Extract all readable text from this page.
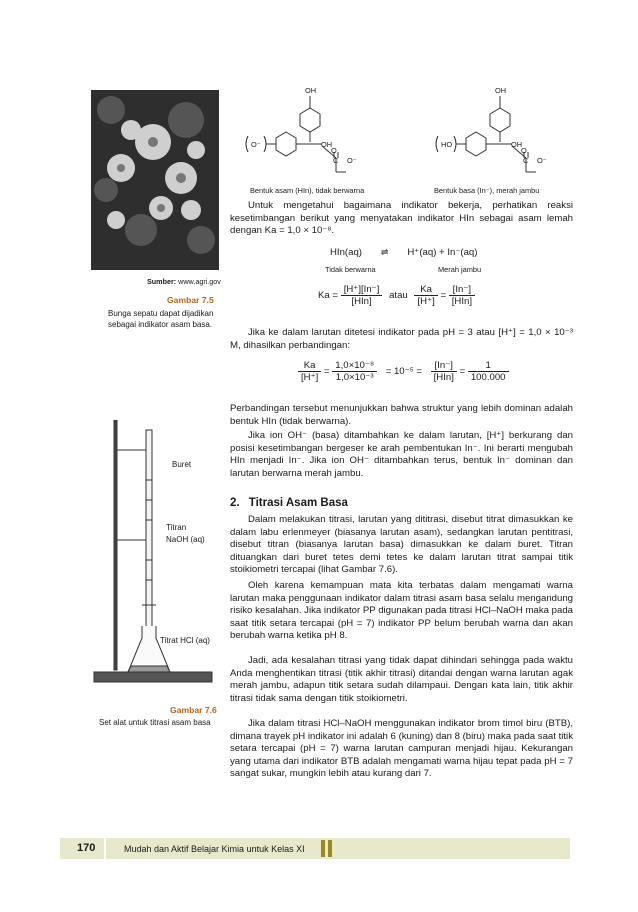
OH
OH
O⁻
O
C O⁻
Bentuk asam (HIn), tidak berwarna
OH
OH
HO
O
C O⁻
Bentuk basa (In⁻), merah jambu
Sumber: www.agri.gov
Gambar 7.5
Bunga sepatu dapat dijadikan
sebagai indikator asam basa.
Buret
Titran
NaOH (aq)
Titrat HCl (aq)
Gambar 7.6
Set alat untuk titrasi asam basa
Untuk mengetahui bagaimana indikator bekerja, perhatikan reaksi kesetimbangan berikut yang menyatakan indikator HIn sebagai asam lemah dengan Ka = 1,0 × 10⁻⁸.
HIn(aq) ⇌ H⁺(aq) + In⁻(aq)
Tidak berwarna	Merah jambu
$Ka = \frac{[H^+][In^-]}{\text{[HIn]}}$ atau $\frac{Ka}{[H^+]} = \frac{[In^-]}{\text{[HIn]}}$
Jika ke dalam larutan ditetesi indikator pada pH = 3 atau [H⁺] = 1,0 × 10⁻³ M, dihasilkan perbandingan:
$\frac{Ka}{[H^+]} = \frac{\text{1,0×10⁻⁸}}{\text{1,0×10⁻³}} = 10^{-5} = \frac{[In^-]}{\text{[HIn]}} = \frac{1}{100.000}$
Perbandingan tersebut menunjukkan bahwa struktur yang lebih dominan adalah bentuk HIn (tidak berwarna).
Jika ion OH⁻ (basa) ditambahkan ke dalam larutan, [H⁺] berkurang dan posisi kesetimbangan bergeser ke arah pembentukan In⁻. Ini berarti mengubah HIn menjadi In⁻. Jika ion OH⁻ ditambahkan terus, bentuk In⁻ dominan dan larutan berwarna merah jambu.
2. Titrasi Asam Basa
Dalam melakukan titrasi, larutan yang dititrasi, disebut titrat dimasukkan ke dalam labu erlenmeyer (biasanya larutan asam), sedangkan larutan pentitrasi, disebut titran (biasanya larutan basa) dimasukkan ke dalam buret. Titran dituangkan dari buret tetes demi tetes ke dalam larutan titrat sampai titik stoikiometri tercapai (lihat Gambar 7.6).
Oleh karena kemampuan mata kita terbatas dalam mengamati warna larutan maka penggunaan indikator dalam titrasi asam basa selalu mengandung risiko kesalahan. Jika indikator PP digunakan pada titrasi HCl–NaOH maka pada saat titik setara tercapai (pH = 7) indikator PP belum berubah warna dan akan berubah warna ketika pH 8.
Jadi, ada kesalahan titrasi yang tidak dapat dihindari sehingga pada waktu Anda menghentikan titrasi (titik akhir titrasi) ditandai dengan warna larutan agak merah jambu, adapun titik setara sudah dilampaui. Dengan kata lain, titik akhir titrasi tidak sama dengan titik stoikiometri.
Jika dalam titrasi HCl–NaOH menggunakan indikator brom timol biru (BTB), dimana trayek pH indikator ini adalah 6 (kuning) dan 8 (biru) maka pada saat titik setara tercapai (pH = 7) warna larutan campuran menjadi hijau. Kekurangan yang utama dari indikator BTB adalah mengamati warna hijau tepat pada pH = 7 sangat sukar, mungkin lebih atau kurang dari 7.
170	Mudah dan Aktif Belajar Kimia untuk Kelas XI
